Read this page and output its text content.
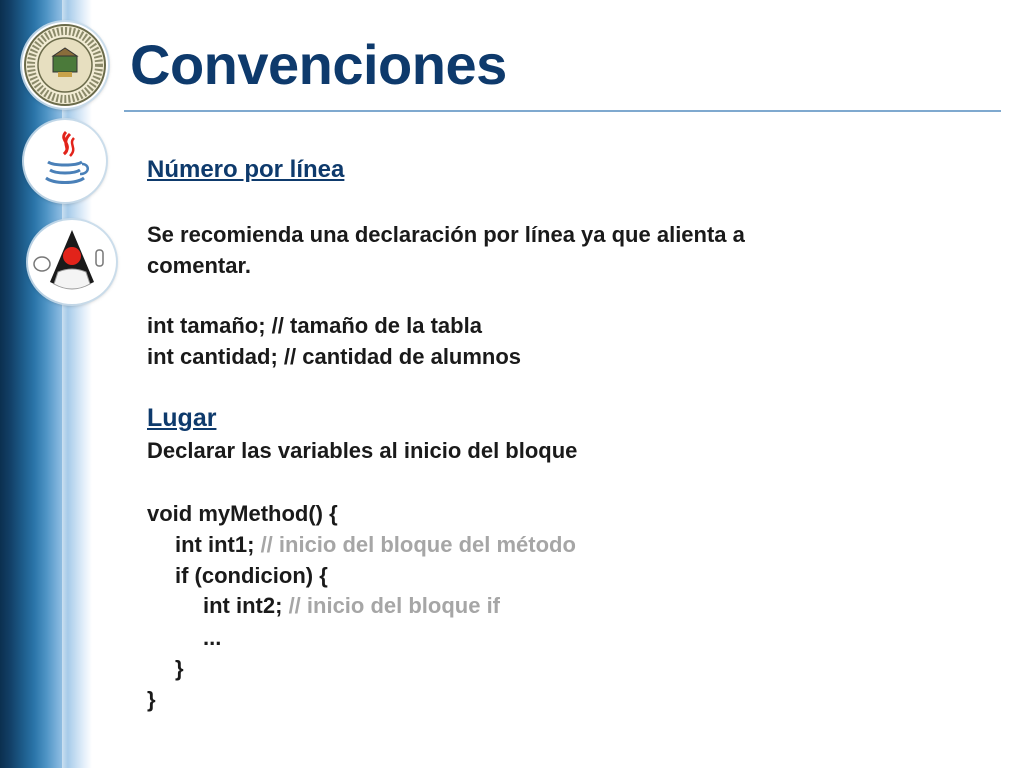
Convenciones
Número por línea
Se recomienda una declaración por línea ya que alienta a
comentar.
int tamaño; // tamaño de la tabla
int cantidad; // cantidad de alumnos
Lugar
Declarar las variables al inicio del bloque
void myMethod() {
int int1; // inicio del bloque del método
if (condicion) {
int int2; // inicio del bloque if
...
}
}
